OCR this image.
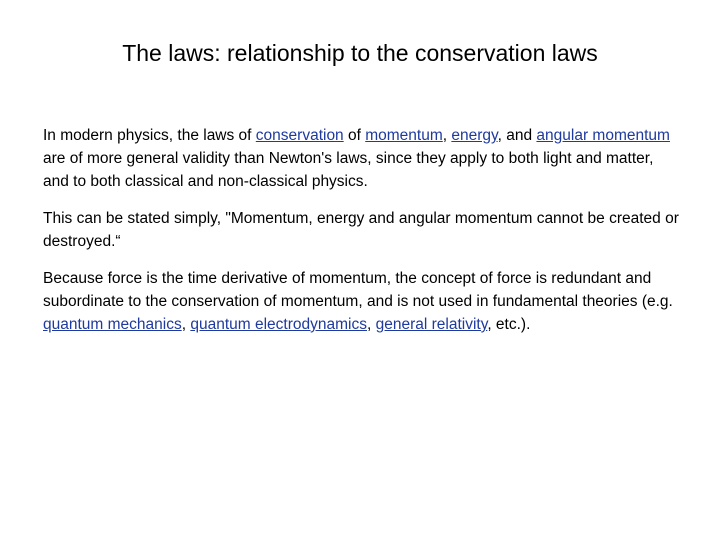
The laws: relationship to the conservation laws

In modern physics, the laws of conservation of momentum, energy, and angular momentum are of more general validity than Newton's laws, since they apply to both light and matter, and to both classical and non-classical physics.

This can be stated simply, "Momentum, energy and angular momentum cannot be created or destroyed.“

Because force is the time derivative of momentum, the concept of force is redundant and subordinate to the conservation of momentum, and is not used in fundamental theories (e.g. quantum mechanics, quantum electrodynamics, general relativity, etc.).
